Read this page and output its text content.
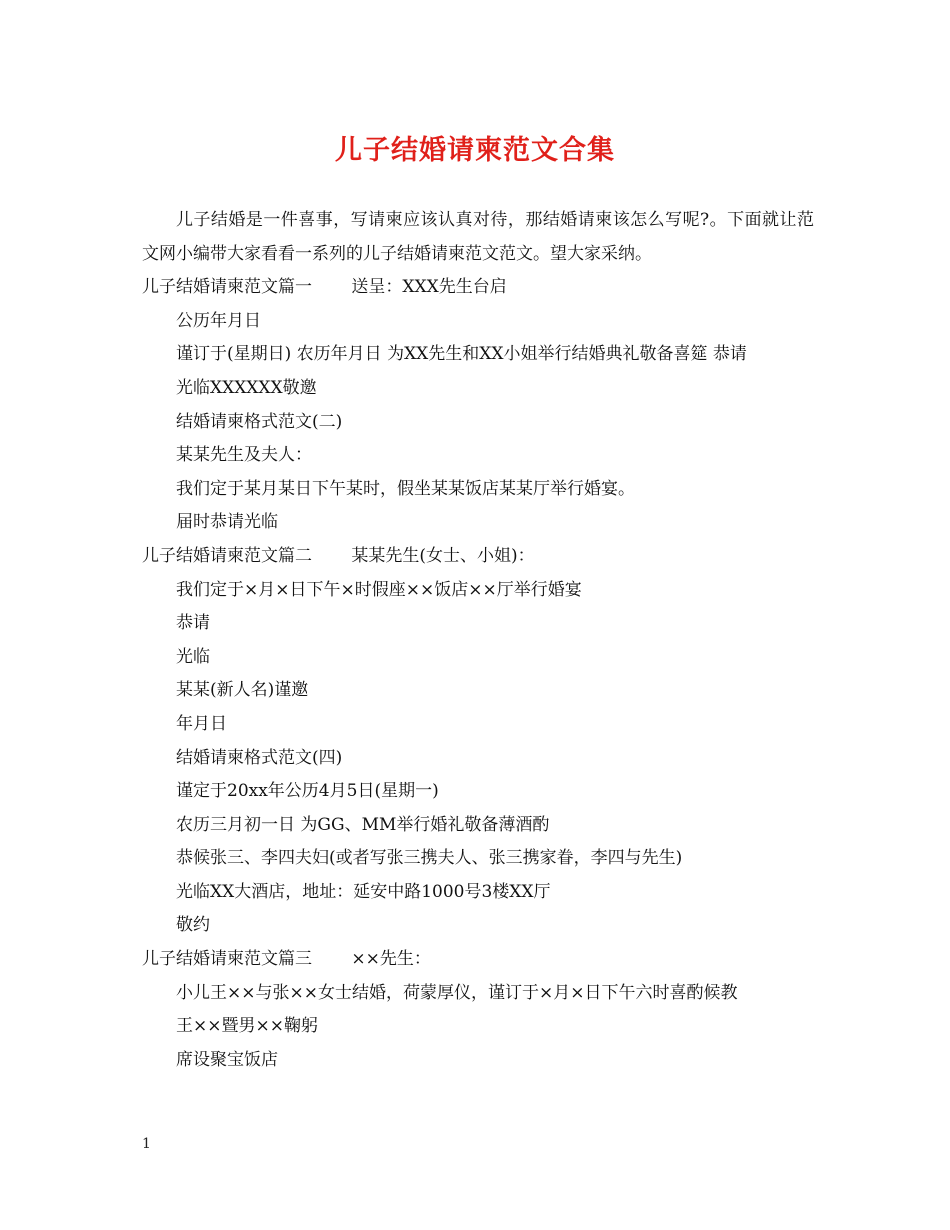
儿子结婚请柬范文合集

儿子结婚是一件喜事，写请柬应该认真对待，那结婚请柬该怎么写呢?。下面就让范文网小编带大家看看一系列的儿子结婚请柬范文范文。望大家采纳。

儿子结婚请柬范文篇一　　 送呈：XXX先生台启

公历年月日

谨订于(星期日) 农历年月日 为XX先生和XX小姐举行结婚典礼敬备喜筵 恭请

光临XXXXXX敬邀

结婚请柬格式范文(二)

某某先生及夫人：

我们定于某月某日下午某时，假坐某某饭店某某厅举行婚宴。

届时恭请光临

儿子结婚请柬范文篇二　　 某某先生(女士、小姐)：

我们定于×月×日下午×时假座××饭店××厅举行婚宴

恭请

光临

某某(新人名)谨邀

年月日

结婚请柬格式范文(四)

谨定于20xx年公历4月5日(星期一)

农历三月初一日 为GG、MM举行婚礼敬备薄酒酌

恭候张三、李四夫妇(或者写张三携夫人、张三携家眷，李四与先生)

光临XX大酒店，地址：延安中路1000号3楼XX厅

敬约

儿子结婚请柬范文篇三　　 ××先生：

小儿王××与张××女士结婚，荷蒙厚仪，谨订于×月×日下午六时喜酌候教

王××暨男××鞠躬

席设聚宝饭店

1
